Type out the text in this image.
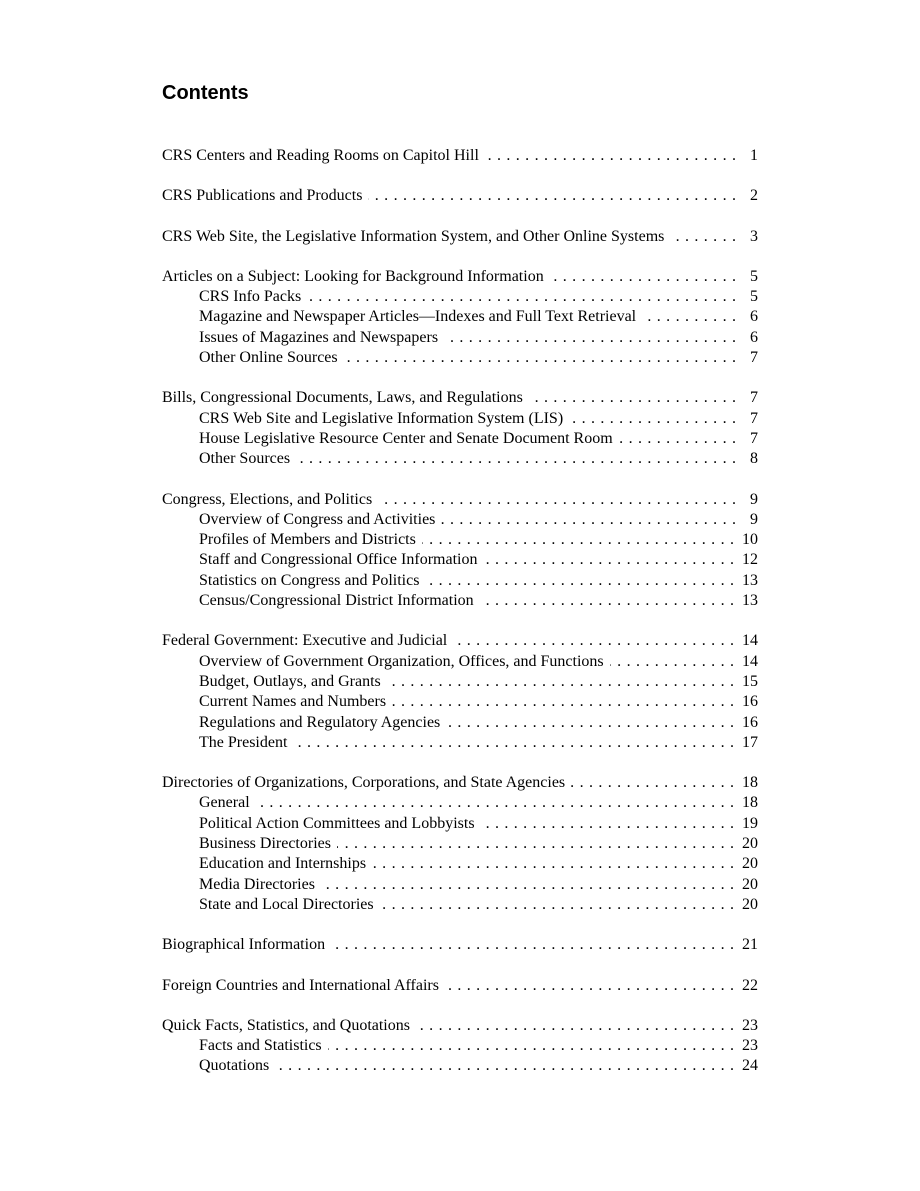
Contents
CRS Centers and Reading Rooms on Capitol Hill . . .	1
CRS Publications and Products . . .	2
CRS Web Site, the Legislative Information System, and Other Online Systems . . .	3
Articles on a Subject: Looking for Background Information . . .	5
CRS Info Packs . . .	5
Magazine and Newspaper Articles—Indexes and Full Text Retrieval . . .	6
Issues of Magazines and Newspapers . . .	6
Other Online Sources . . .	7
Bills, Congressional Documents, Laws, and Regulations . . .	7
CRS Web Site and Legislative Information System (LIS) . . .	7
House Legislative Resource Center and Senate Document Room . . .	7
Other Sources . . .	8
Congress, Elections, and Politics . . .	9
Overview of Congress and Activities . . .	9
Profiles of Members and Districts . . .	10
Staff and Congressional Office Information . . .	12
Statistics on Congress and Politics . . .	13
Census/Congressional District Information . . .	13
Federal Government: Executive and Judicial . . .	14
Overview of Government Organization, Offices, and Functions . . .	14
Budget, Outlays, and Grants . . .	15
Current Names and Numbers . . .	16
Regulations and Regulatory Agencies . . .	16
The President . . .	17
Directories of Organizations, Corporations, and State Agencies . . .	18
General . . .	18
Political Action Committees and Lobbyists . . .	19
Business Directories . . .	20
Education and Internships . . .	20
Media Directories . . .	20
State and Local Directories . . .	20
Biographical Information . . .	21
Foreign Countries and International Affairs . . .	22
Quick Facts, Statistics, and Quotations . . .	23
Facts and Statistics . . .	23
Quotations . . .	24
